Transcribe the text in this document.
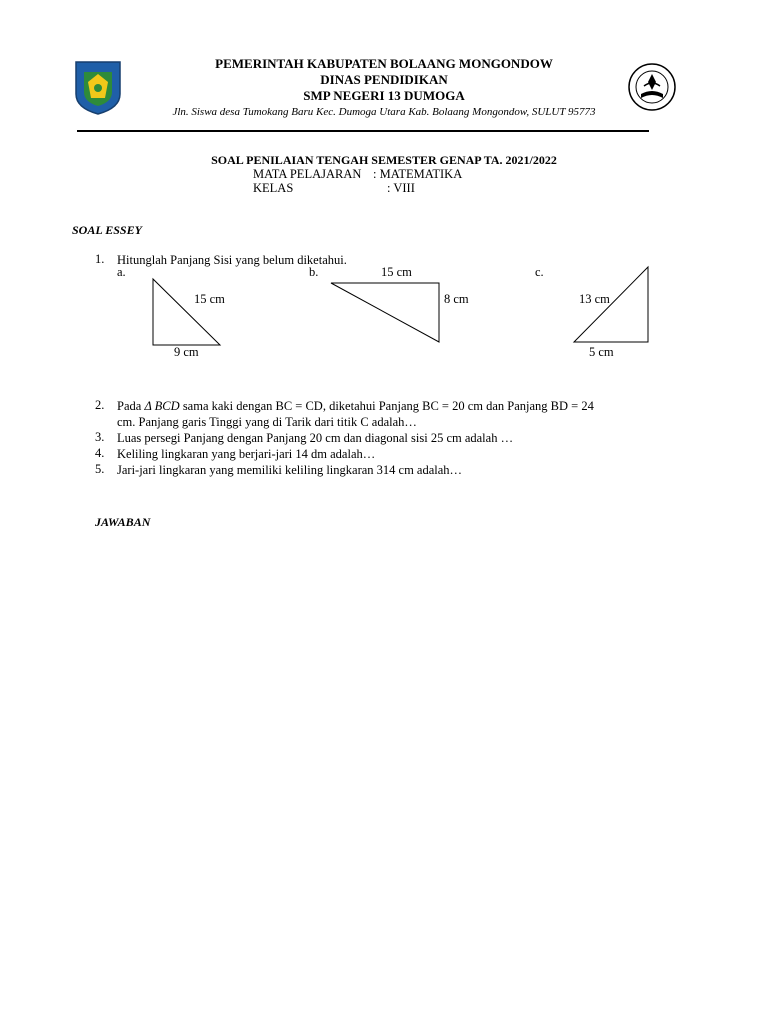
PEMERINTAH KABUPATEN BOLAANG MONGONDOW
DINAS PENDIDIKAN
SMP NEGERI 13 DUMOGA
Jln. Siswa desa Tumokang Baru Kec. Dumoga Utara Kab. Bolaang Mongondow, SULUT 95773
SOAL PENILAIAN TENGAH SEMESTER GENAP TA. 2021/2022
MATA PELAJARAN : MATEMATIKA
KELAS	: VIII
SOAL ESSEY
1. Hitunglah Panjang Sisi yang belum diketahui.
a.	b.	15 cm	c.
15 cm
9 cm
8 cm	13 cm
5 cm
2. Pada Δ BCD sama kaki dengan BC = CD, diketahui Panjang BC = 20 cm dan Panjang BD = 24
cm. Panjang garis Tinggi yang di Tarik dari titik C adalah…
3. Luas persegi Panjang dengan Panjang 20 cm dan diagonal sisi 25 cm adalah …
4. Keliling lingkaran yang berjari-jari 14 dm adalah…
5. Jari-jari lingkaran yang memiliki keliling lingkaran 314 cm adalah…
JAWABAN
